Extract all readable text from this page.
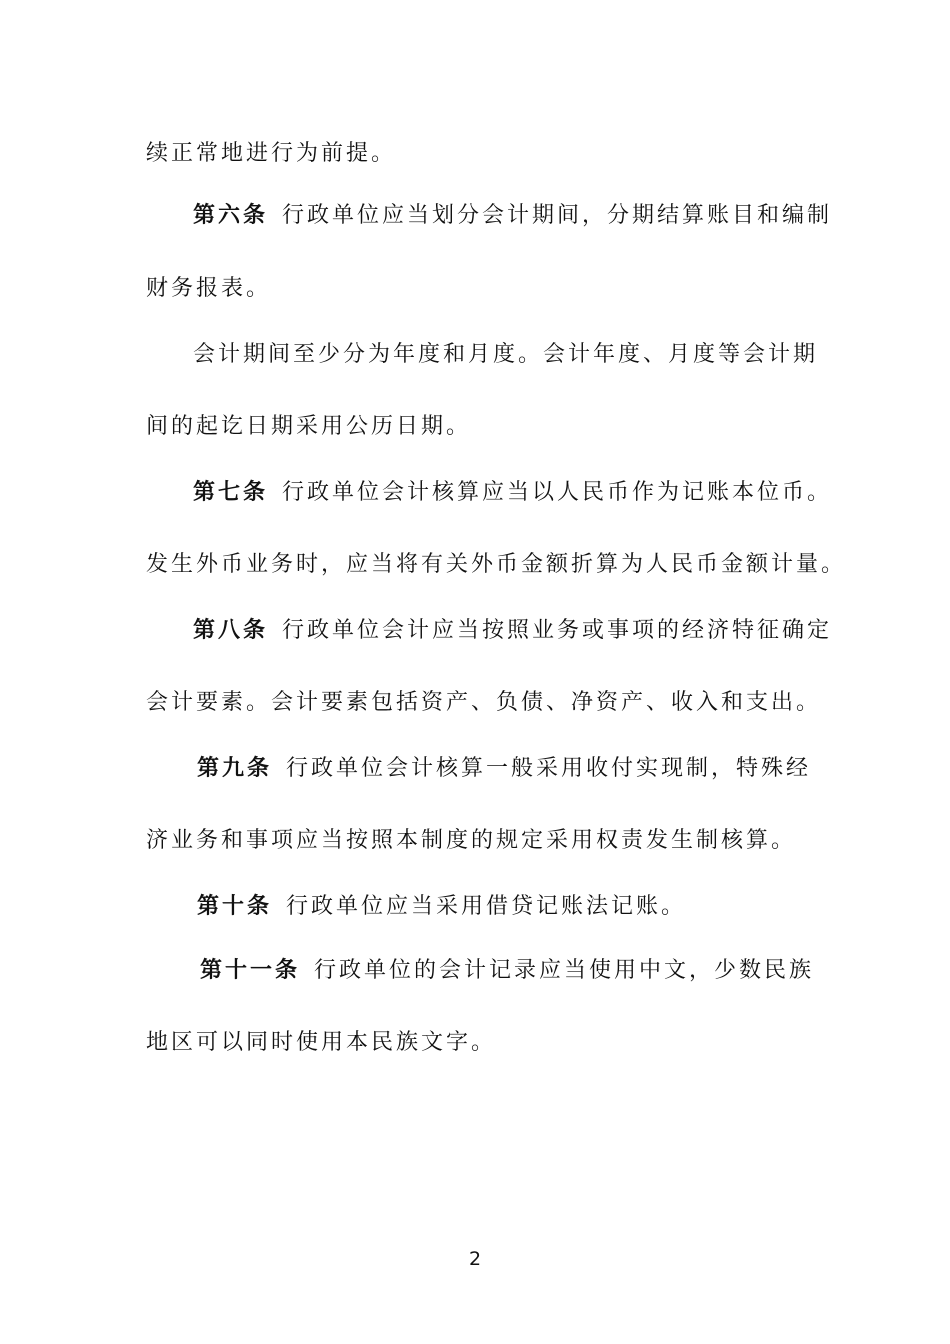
续正常地进行为前提。
第六条 行政单位应当划分会计期间，分期结算账目和编制
财务报表。
会计期间至少分为年度和月度。会计年度、月度等会计期
间的起讫日期采用公历日期。
第七条 行政单位会计核算应当以人民币作为记账本位币。
发生外币业务时，应当将有关外币金额折算为人民币金额计量。
第八条 行政单位会计应当按照业务或事项的经济特征确定
会计要素。会计要素包括资产、负债、净资产、收入和支出。
第九条 行政单位会计核算一般采用收付实现制，特殊经
济业务和事项应当按照本制度的规定采用权责发生制核算。
第十条 行政单位应当采用借贷记账法记账。
第十一条 行政单位的会计记录应当使用中文，少数民族
地区可以同时使用本民族文字。
2
